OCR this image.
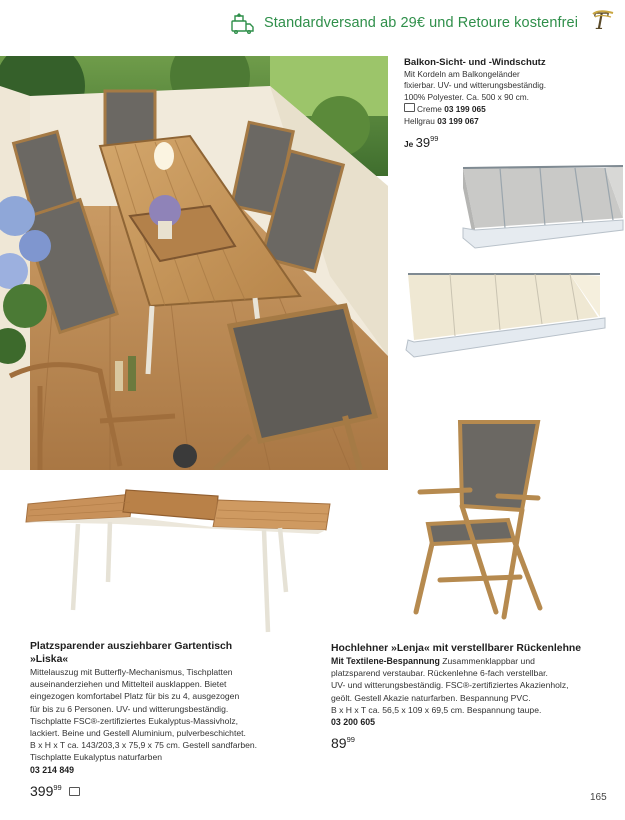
Standardversand ab 29€ und Retoure kostenfrei T
Balkon-Sicht- und -Windschutz
Mit Kordeln am Balkongeländer
fixierbar. UV- und witterungsbeständig.
100% Polyester. Ca. 500 x 90 cm.
Creme 03 199 065
Hellgrau 03 199 067
Je $39^{99}$
Platzsparender ausziehbarer Gartentisch
»Liska«
Mittelauszug mit Butterfly-Mechanismus, Tischplatten
auseinanderziehen und Mittelteil ausklappen. Bietet
eingezogen komfortabel Platz für bis zu 4, ausgezogen
für bis zu 6 Personen. UV- und witterungsbeständig.
Tischplatte FSC®-zertifiziertes Eukalyptus-Massivholz,
lackiert. Beine und Gestell Aluminium, pulverbeschichtet.
B x H x T ca. 143/203,3 x 75,9 x 75 cm. Gestell sandfarben.
Tischplatte Eukalyptus naturfarben
03 214 849
$399^{99}$
Hochlehner »Lenja« mit verstellbarer Rückenlehne
Mit Textilene-Bespannung Zusammenklappbar und
platzsparend verstaubar. Rückenlehne 6-fach verstellbar.
UV- und witterungsbeständig. FSC®-zertifiziertes Akazienholz,
geölt. Gestell Akazie naturfarben. Bespannung PVC.
B x H x T ca. 56,5 x 109 x 69,5 cm. Bespannung taupe.
03 200 605
$89^{99}$
165
